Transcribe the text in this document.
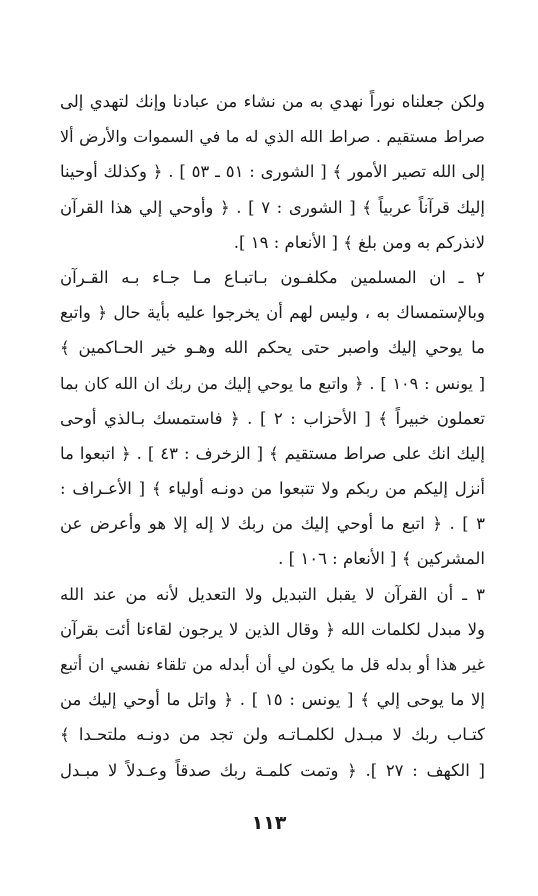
ولكن جعلناه نوراً نهدي به من نشاء من عبادنا وإنك لتهدي إلى
صراط مستقيم . صراط الله الذي له ما في السموات والأرض ألا
إلى الله تصير الأمور ﴾ [ الشورى : ٥١ ـ ٥٣ ] . ﴿ وكذلك أوحينا
إليك قرآناً عربياً ﴾ [ الشورى : ٧ ] . ﴿ وأوحي إلي هذا القرآن
لانذركم به ومن بلغ ﴾ [ الأنعام : ١٩ ].
٢ ـ ان المسلمين مكلفـون بـاتبـاع مـا جـاء بـه القـرآن
وبالإستمساك به ، وليس لهم أن يخرجوا عليه بأية حال ﴿ واتبع
ما يوحي إليك واصبر حتى يحكم الله وهـو خير الحـاكمين ﴾
[ يونس : ١٠٩ ] . ﴿ واتبع ما يوحي إليك من ربك ان الله كان بما
تعملون خبيراً ﴾ [ الأحزاب : ٢ ] . ﴿ فاستمسك بـالذي أوحى
إليك انك على صراط مستقيم ﴾ [ الزخرف : ٤٣ ] . ﴿ اتبعوا ما
أنزل إليكم من ربكم ولا تتبعوا من دونـه أولياء ﴾ [ الأعـراف :
٣ ] . ﴿ اتبع ما أوحي إليك من ربك لا إله إلا هو وأعرض عن
المشركين ﴾ [ الأنعام : ١٠٦ ] .
٣ ـ أن القرآن لا يقبل التبديل ولا التعديل لأنه من عند الله
ولا مبدل لكلمات الله ﴿ وقال الذين لا يرجون لقاءنا أئت بقرآن
غير هذا أو بدله قل ما يكون لي أن أبدله من تلقاء نفسي ان أتبع
إلا ما يوحى إلي ﴾ [ يونس : ١٥ ] . ﴿ واتل ما أوحي إليك من
كتـاب ربك لا مبـدل لكلمـاتـه ولن تجد من دونـه ملتحـدا ﴾
[ الكهف : ٢٧ ]. ﴿ وتمت كلمـة ربك صدقاً وعـدلاً لا مبـدل
١١٣
